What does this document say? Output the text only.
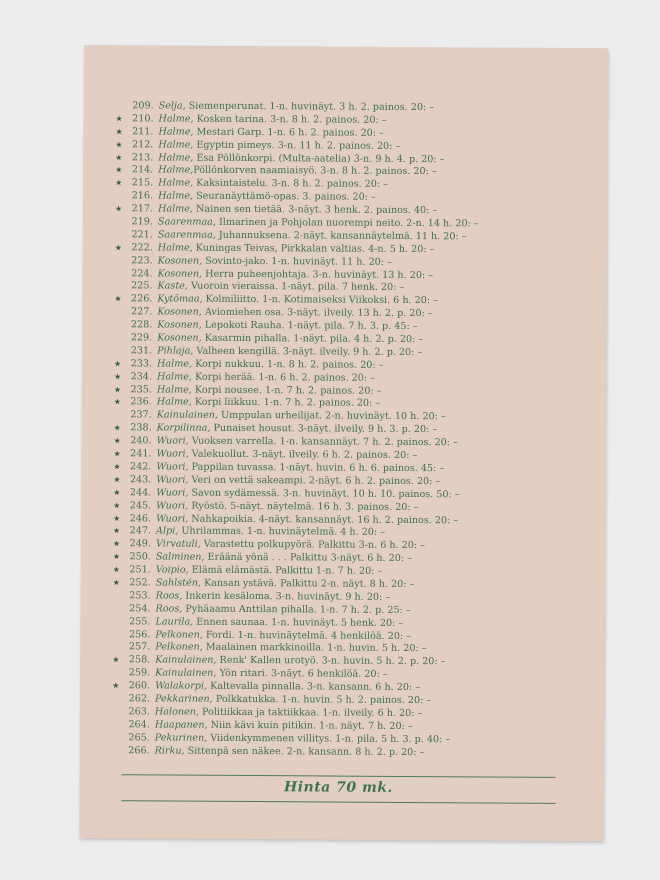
209. Selja, Siemenperunat. 1-n. huvinäyt. 3 h. 2. painos. 20: –
★ 210. Halme, Kosken tarina. 3-n. 8 h. 2. painos. 20: –
★ 211. Halme, Mestari Garp. 1-n. 6 h. 2. painos. 20: –
★ 212. Halme, Egyptin pimeys. 3-n. 11 h. 2. painos. 20: –
★ 213. Halme, Esa Pöllönkorpi. (Multa-aatelia) 3-n. 9 h. 4. p. 20: –
★ 214. Halme, Pöllönkorven naamiaisyö. 3-n. 8 h. 2. painos. 20: –
★ 215. Halme, Kaksintaistelu. 3-n. 8 h. 2. painos. 20: –
216. Halme, Seuranäyttämö-opas. 3. painos. 20: –
★ 217. Halme, Nainen sen tietää. 3-näyt. 3 henk. 2. painos. 40: –
219. Saarenmaa, Ilmarinen ja Pohjolan nuorempi neito. 2-n. 14 h. 20: –
221. Saarenmaa, Juhannuksena. 2-näyt. kansannäytelmä. 11 h. 20: –
★ 222. Halme, Kuningas Teivas, Pirkkalan valtias. 4-n. 5 h. 20: –
223. Kosonen, Sovinto-jako. 1-n. huvinäyt. 11 h. 20: –
224. Kosonen, Herra puheenjohtaja. 3-n. huvinäyt. 13 h. 20: –
225. Kaste, Vuoroin vieraissa. 1-näyt. pila. 7 henk. 20: –
★ 226. Kytömaa, Kolmiliitto. 1-n. Kotimaiseksi Viikoksi. 6 h. 20: –
227. Kosonen, Aviomiehen osa. 3-näyt. ilveily. 13 h. 2. p. 20: –
228. Kosonen, Lepokoti Rauha. 1-näyt. pila. 7 h. 3. p. 45: –
229. Kosonen, Kasarmin pihalla. 1-näyt. pila. 4 h. 2. p. 20: –
231. Pihlaja, Valheen kengillä. 3-näyt. ilveily. 9 h. 2. p. 20: –
★ 233. Halme, Korpi nukkuu. 1-n. 8 h. 2. painos. 20: –
★ 234. Halme, Korpi herää. 1-n. 6 h. 2. painos. 20: –
★ 235. Halme, Korpi nousee. 1-n. 7 h. 2. painos. 20: –
★ 236. Halme, Korpi liikkuu. 1-n. 7 h. 2. painos. 20: –
237. Kainulainen, Umppulan urheilijat. 2-n. huvinäyt. 10 h. 20: –
★ 238. Korpilinna, Punaiset housut. 3-näyt. ilveily. 9 h. 3. p. 20: –
★ 240. Wuori, Vuoksen varrella. 1-n. kansannäyt. 7 h. 2. painos. 20: –
★ 241. Wuori, Valekuollut. 3-näyt. ilveily. 6 h. 2. painos. 20: –
★ 242. Wuori, Pappilan tuvassa. 1-näyt. huvin. 6 h. 6. painos. 45: –
★ 243. Wuori, Veri on vettä sakeampi. 2-näyt. 6 h. 2. painos. 20: –
★ 244. Wuori, Savon sydämessä. 3-n. huvinäyt. 10 h. 10. painos. 50: –
★ 245. Wuori, Ryöstö. 5-näyt. näytelmä. 16 h. 3. painos. 20: –
★ 246. Wuori, Nahkapoikia. 4-näyt. kansannäyt. 16 h. 2. painos. 20: –
★ 247. Alpi, Uhrilammas. 1-n. huvinäytelmä. 4 h. 20: –
★ 249. Virvatuli, Varastettu polkupyörä. Palkittu 3-n. 6 h. 20: –
★ 250. Salminen, Eräänä yönä . . . Palkittu 3-näyt. 6 h. 20: –
★ 251. Voipio, Elämä elämästä. Palkittu 1-n. 7 h. 20: –
★ 252. Sahlstén, Kansan ystävä. Palkittu 2-n. näyt. 8 h. 20: –
253. Roos, Inkerin kesäloma. 3-n. huvinäyt. 9 h. 20: –
254. Roos, Pyhäaamu Anttilan pihalla. 1-n. 7 h. 2. p. 25: –
255. Laurila, Ennen saunaa. 1-n. huvinäyt. 5 henk. 20: –
256. Pelkonen, Fordi. 1-n. huvinäytelmä. 4 henkilöä. 20: –
257. Pelkonen, Maalainen markkinoilla. 1-n. huvin. 5 h. 20: –
★ 258. Kainulainen, Renk' Kallen urotyö. 3-n. huvin. 5 h. 2. p. 20: –
259. Kainulainen, Yön ritari. 3-näyt. 6 henkilöä. 20: –
★ 260. Walakorpi, Kaltevalla pinnalla. 3-n. kansann. 6 h. 20: –
262. Pekkarinen, Polkkatukka. 1-n. huvin. 5 h. 2. painos. 20: –
263. Halonen, Politiikkaa ja taktiikkaa. 1-n. ilveily. 6 h. 20: –
264. Haapanen, Niin kävi kuin pitikin. 1-n. näyt. 7 h. 20: –
265. Pekurinen, Viidenkymmenen villitys. 1-n. pila. 5 h. 3. p. 40: –
266. Rirku, Sittenpä sen näkee. 2-n. kansann. 8 h. 2. p. 20: –
Hinta 70 mk.
